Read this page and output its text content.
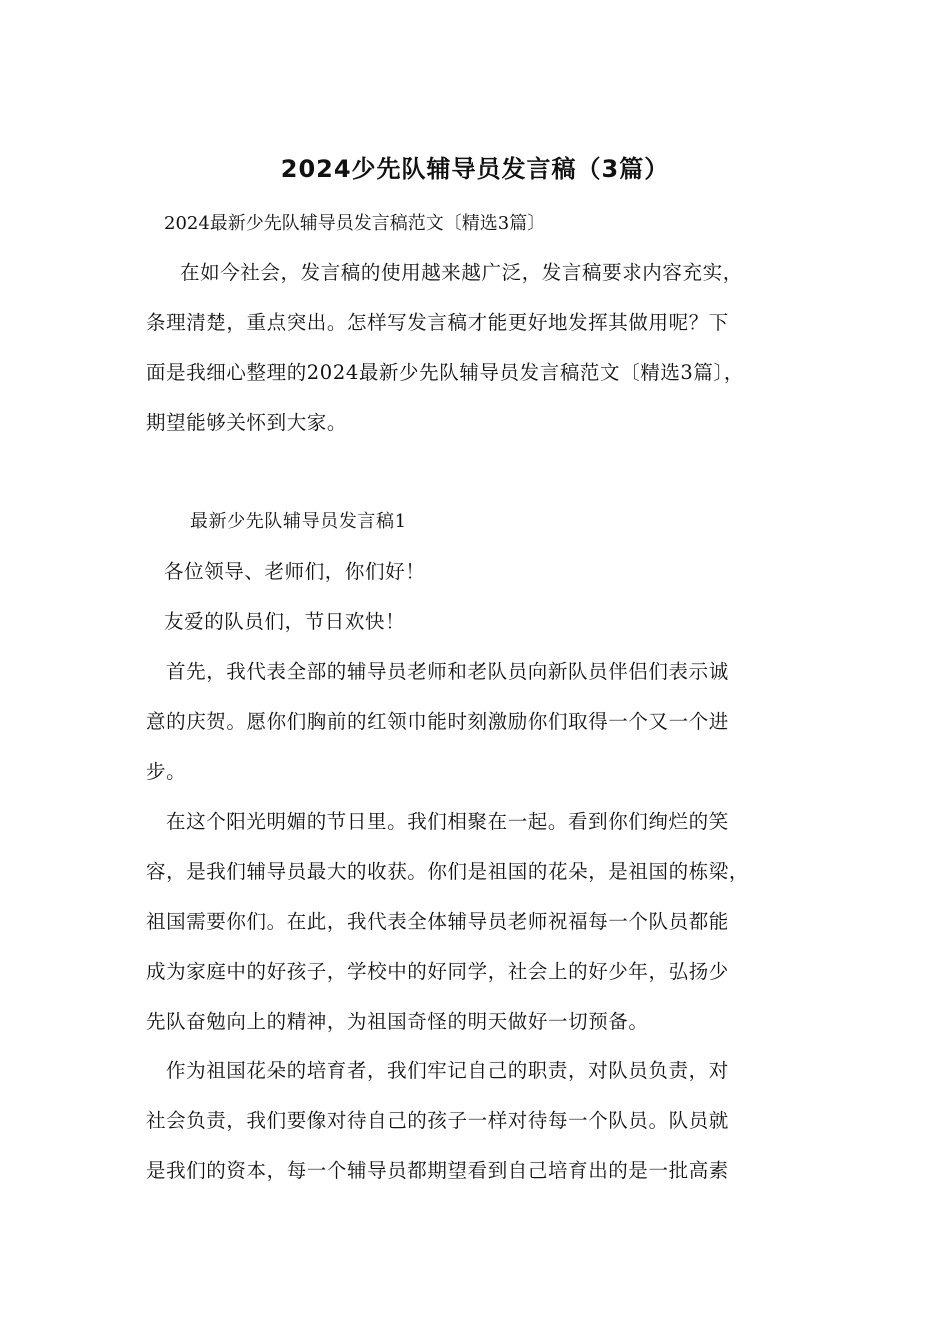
2024少先队辅导员发言稿（3篇）
2024最新少先队辅导员发言稿范文〔精选3篇〕
在如今社会，发言稿的使用越来越广泛，发言稿要求内容充实，
条理清楚，重点突出。怎样写发言稿才能更好地发挥其做用呢？下
面是我细心整理的2024最新少先队辅导员发言稿范文〔精选3篇〕，
期望能够关怀到大家。
最新少先队辅导员发言稿1
各位领导、老师们，你们好！
友爱的队员们，节日欢快！
首先，我代表全部的辅导员老师和老队员向新队员伴侣们表示诚
意的庆贺。愿你们胸前的红领巾能时刻激励你们取得一个又一个进
步。
在这个阳光明媚的节日里。我们相聚在一起。看到你们绚烂的笑
容，是我们辅导员最大的收获。你们是祖国的花朵，是祖国的栋梁，
祖国需要你们。在此，我代表全体辅导员老师祝福每一个队员都能
成为家庭中的好孩子，学校中的好同学，社会上的好少年，弘扬少
先队奋勉向上的精神，为祖国奇怪的明天做好一切预备。
作为祖国花朵的培育者，我们牢记自己的职责，对队员负责，对
社会负责，我们要像对待自己的孩子一样对待每一个队员。队员就
是我们的资本，每一个辅导员都期望看到自己培育出的是一批高素
